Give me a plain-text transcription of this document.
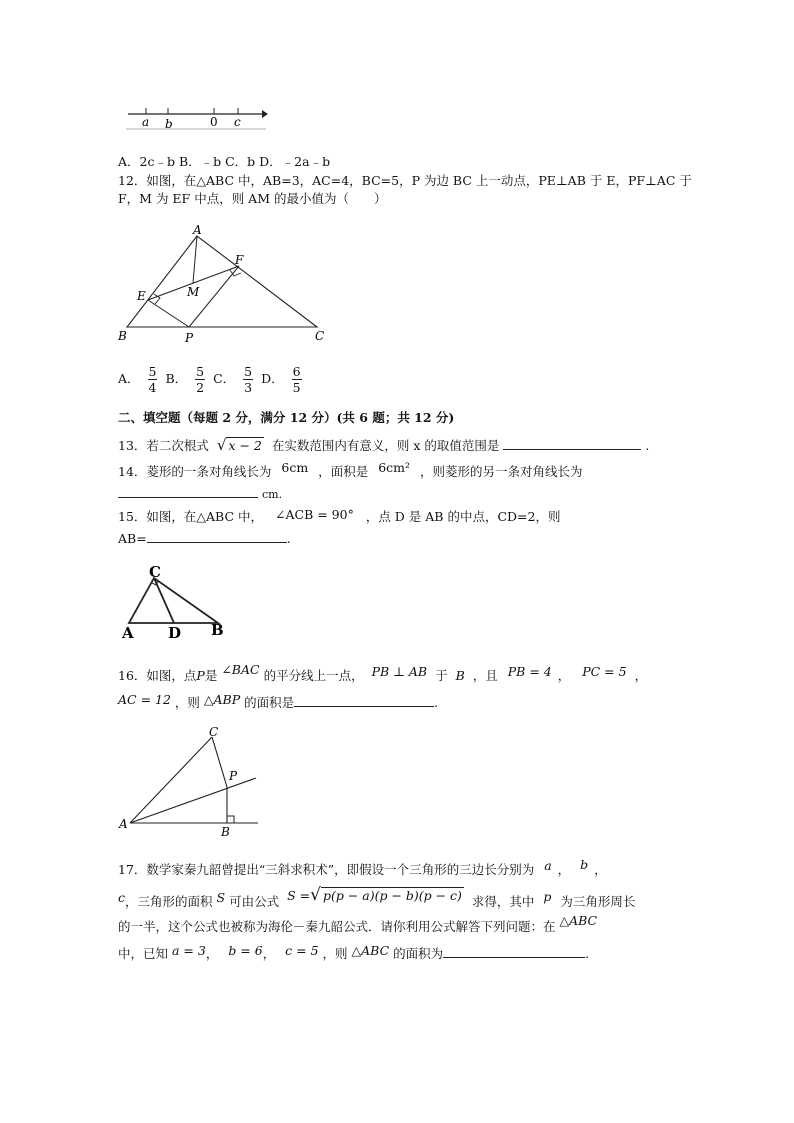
a b	0 c
A．2c﹣b B．﹣b C．b D．﹣2a﹣b
12．如图，在△ABC 中，AB=3，AC=4，BC=5，P 为边 BC 上一动点，PE⊥AB 于 E，PF⊥AC 于
F，M 为 EF 中点，则 AM 的最小值为（　　）
A
F
M
E
B	P	C
A． $\frac{5}{4}$ B． $\frac{5}{2}$ C． $\frac{5}{3}$ D． $\frac{6}{5}$
二、填空题（每题 2 分，满分 12 分）(共 6 题；共 12 分)
13．若二次根式 √ x − 2 在实数范围内有意义，则 x 的取值范围是	.
14．菱形的一条对角线长为 6cm ，面积是 6cm² ，则菱形的另一条对角线长为
cm.
15．如图，在△ABC 中， ∠ACB = 90° ，点 D 是 AB 的中点，CD=2，则
AB=	.
C
A D B
16．如图，点P是 ∠BAC 的平分线上一点， PB ⊥ AB 于 B ，且 PB = 4 ， PC = 5 ，
AC = 12 ，则 △ABP 的面积是	.
C
P
A
B
17．数学家秦九韶曾提出“三斜求积术”，即假设一个三角形的三边长分别为 a ， b ，
c，三角形的面积 S 可由公式 S =√ p(p − a)(p − b)(p − c) 求得，其中 p 为三角形周长
的一半，这个公式也被称为海伦－秦九韶公式．请你利用公式解答下列问题：在 △ABC
中，已知 a = 3， b = 6， c = 5 ，则 △ABC 的面积为	.
